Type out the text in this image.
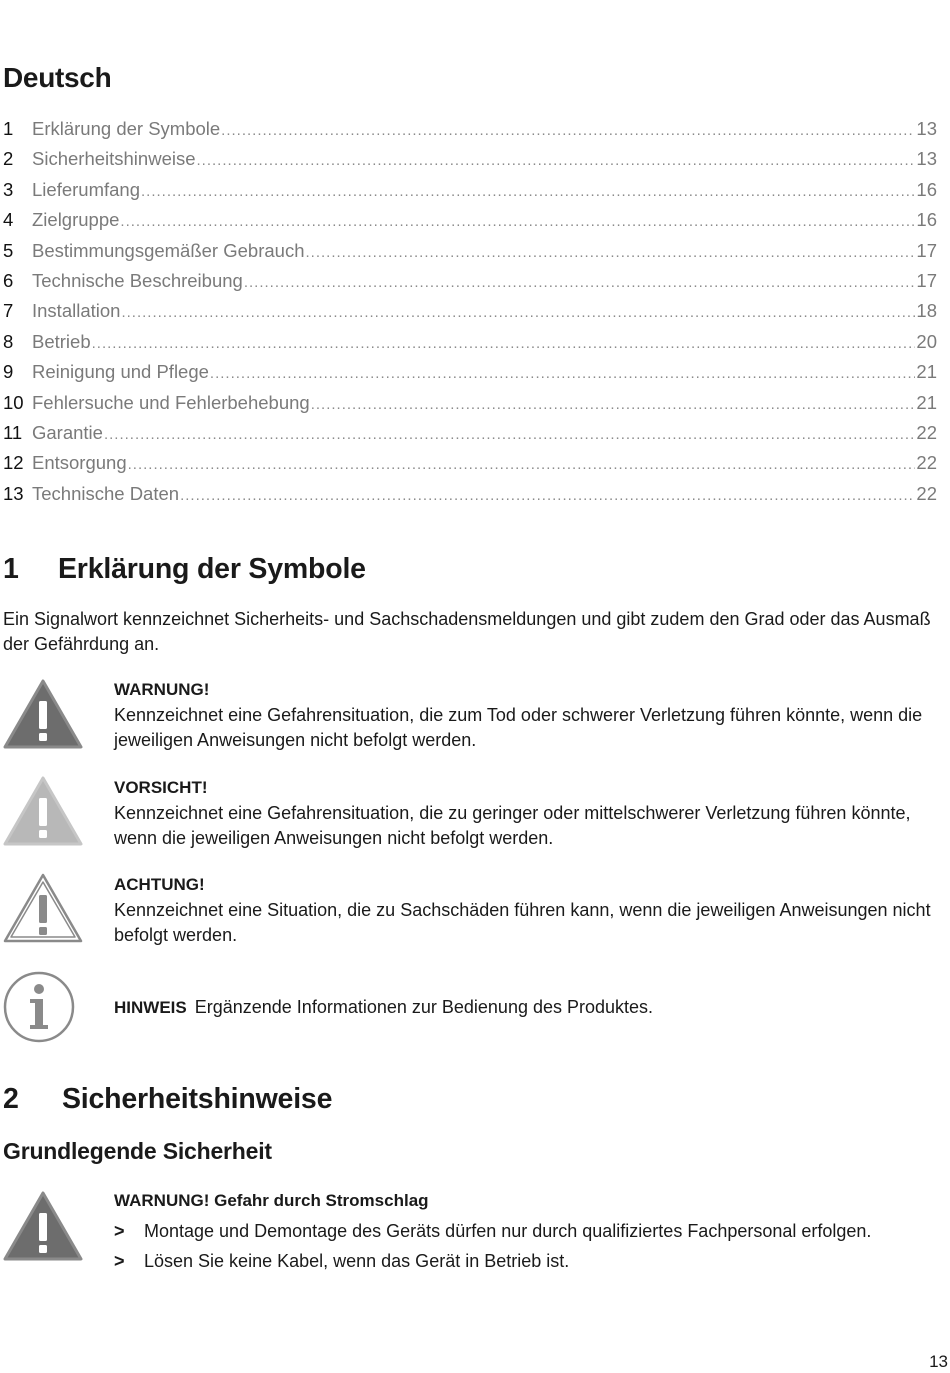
Deutsch
1	Erklärung der Symbole .....	13
2	Sicherheitshinweise .....	13
3	Lieferumfang .....	16
4	Zielgruppe .....	16
5	Bestimmungsgemäßer Gebrauch .....	17
6	Technische Beschreibung .....	17
7	Installation .....	18
8	Betrieb .....	20
9	Reinigung und Pflege .....	21
10 Fehlersuche und Fehlerbehebung .....	21
11 Garantie .....	22
12 Entsorgung .....	22
13 Technische Daten .....	22
1	Erklärung der Symbole

Ein Signalwort kennzeichnet Sicherheits- und Sachschadensmeldungen und gibt zudem den Grad oder das Ausmaß der Gefährdung an.

WARNUNG!
Kennzeichnet eine Gefahrensituation, die zum Tod oder schwerer Verletzung führen könnte, wenn die jeweiligen Anweisungen nicht befolgt werden.
VORSICHT!
Kennzeichnet eine Gefahrensituation, die zu geringer oder mittelschwerer Verletzung führen könnte, wenn die jeweiligen Anweisungen nicht befolgt werden.
ACHTUNG!
Kennzeichnet eine Situation, die zu Sachschäden führen kann, wenn die jeweiligen Anweisungen nicht befolgt werden.
HINWEIS Ergänzende Informationen zur Bedienung des Produktes.
2	Sicherheitshinweise
Grundlegende Sicherheit
WARNUNG! Gefahr durch Stromschlag
> Montage und Demontage des Geräts dürfen nur durch qualifiziertes Fachpersonal erfolgen.
> Lösen Sie keine Kabel, wenn das Gerät in Betrieb ist.
13
